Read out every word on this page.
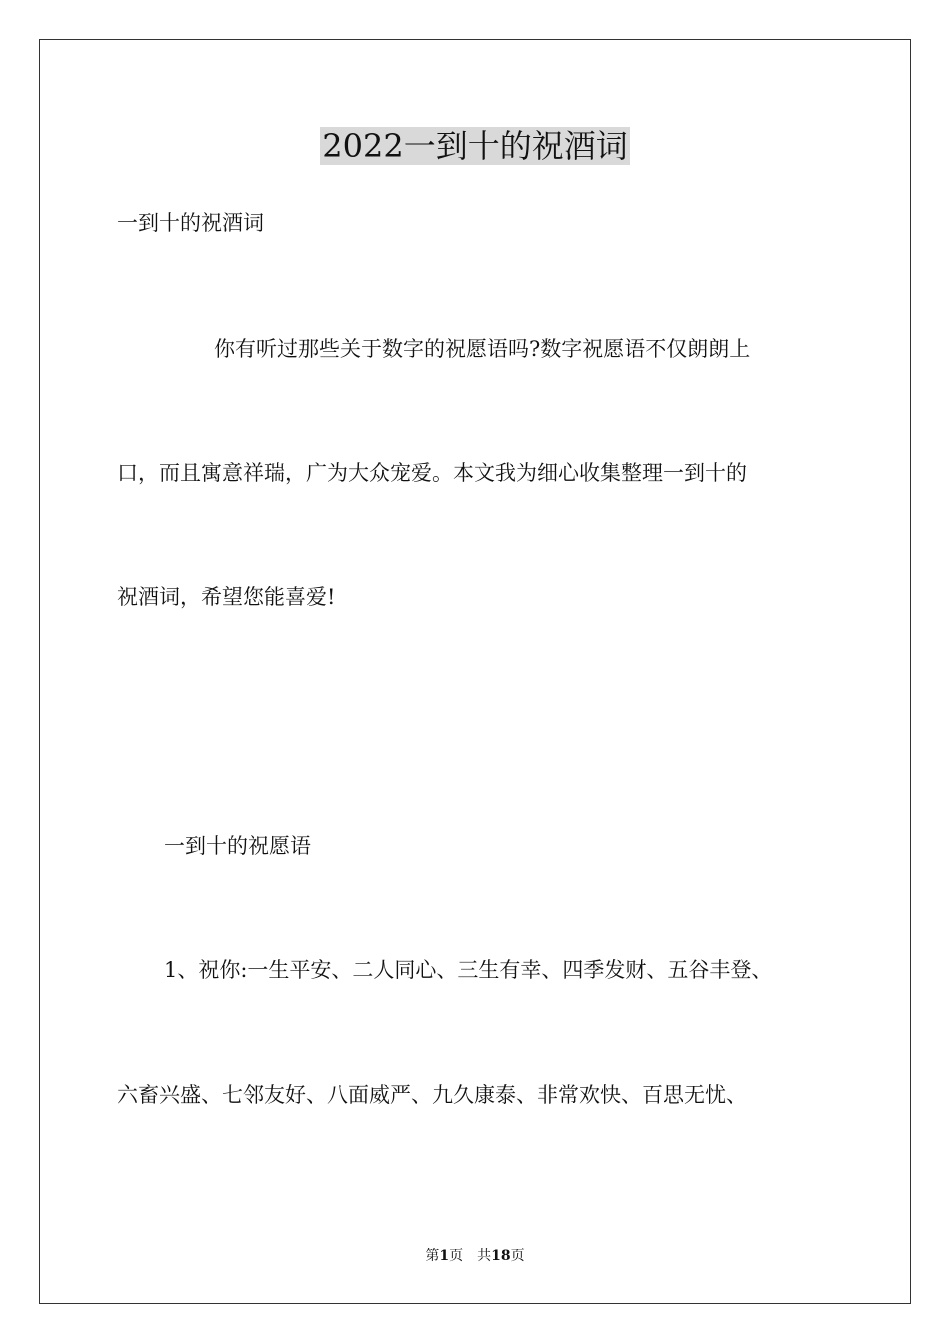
2022一到十的祝酒词

一到十的祝酒词

你有听过那些关于数字的祝愿语吗?数字祝愿语不仅朗朗上

口，而且寓意祥瑞，广为大众宠爱。本文我为细心收集整理一到十的

祝酒词，希望您能喜爱!

一到十的祝愿语

1、祝你:一生平安、二人同心、三生有幸、四季发财、五谷丰登、

六畜兴盛、七邻友好、八面威严、九久康泰、非常欢快、百思无忧、

第1页　共18页
